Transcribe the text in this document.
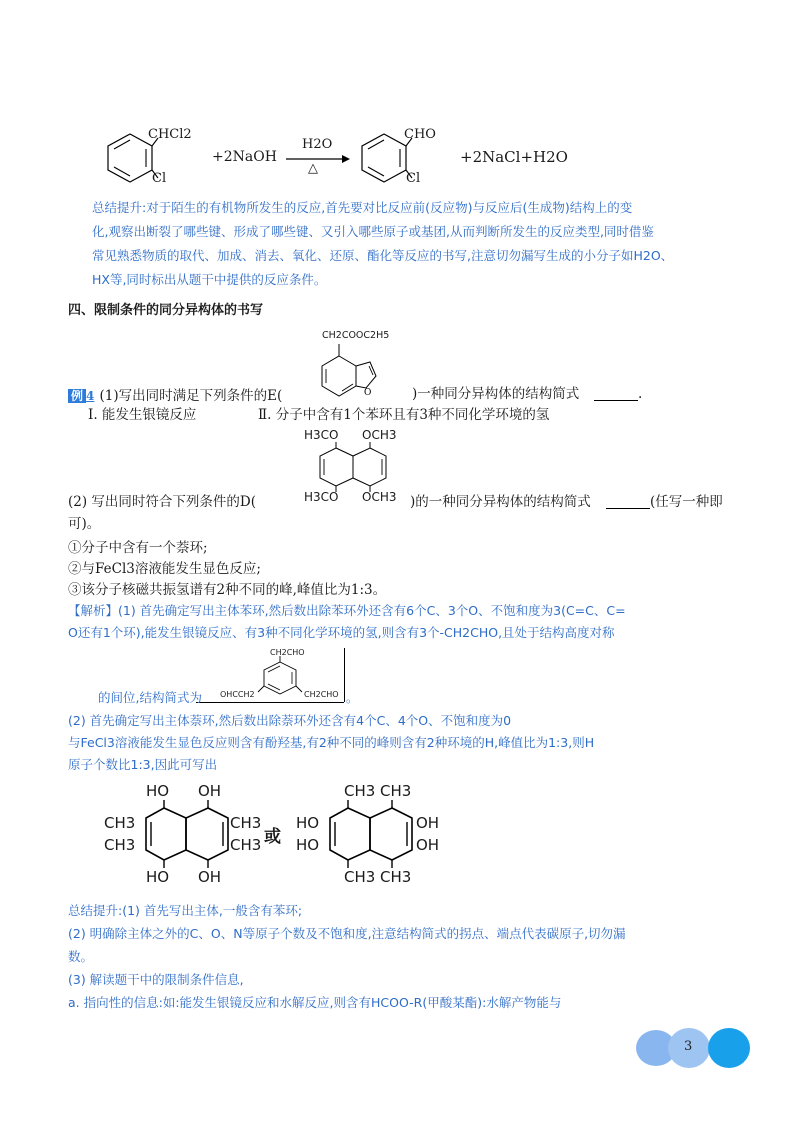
CHCl2
Cl
+2NaOH
H2O
△
CHO
Cl
+2NaCl+H2O
总结提升:对于陌生的有机物所发生的反应,首先要对比反应前(反应物)与反应后(生成物)结构上的变
化,观察出断裂了哪些键、形成了哪些键、又引入哪些原子或基团,从而判断所发生的反应类型,同时借鉴
常见熟悉物质的取代、加成、消去、氧化、还原、酯化等反应的书写,注意切勿漏写生成的小分子如H2O、
HX等,同时标出从题干中提供的反应条件。
四、限制条件的同分异构体的书写
CH2COOC2H5
O
例 4 (1)写出同时满足下列条件的E(	)一种同分异构体的结构简式	.
Ⅰ. 能发生银镜反应	Ⅱ. 分子中含有1个苯环且有3种不同化学环境的氢
H3CO OCH3
H3CO OCH3
(2) 写出同时符合下列条件的D(	)的一种同分异构体的结构简式	(任写一种即
可)。
①分子中含有一个萘环;
②与FeCl3溶液能发生显色反应;
③该分子核磁共振氢谱有2种不同的峰,峰值比为1:3。
【解析】(1) 首先确定写出主体苯环,然后数出除苯环外还含有6个C、3个O、不饱和度为3(C=C、C=
O还有1个环),能发生银镜反应、有3种不同化学环境的氢,则含有3个-CH2CHO,且处于结构高度对称
CH2CHO
OHCCH2	CH2CHO
的间位,结构简式为	。
(2) 首先确定写出主体萘环,然后数出除萘环外还含有4个C、4个O、不饱和度为0
与FeCl3溶液能发生显色反应则含有酚羟基,有2种不同的峰则含有2种环境的H,峰值比为1:3,则H
原子个数比1:3,因此可写出
HO OH
CH3
CH3
CH3
CH3
HO OH
或
CH3 CH3
HO
HO
OH
OH
CH3 CH3
总结提升:(1) 首先写出主体,一般含有苯环;
(2) 明确除主体之外的C、O、N等原子个数及不饱和度,注意结构简式的拐点、端点代表碳原子,切勿漏
数。
(3) 解读题干中的限制条件信息,
a. 指向性的信息:如:能发生银镜反应和水解反应,则含有HCOO-R(甲酸某酯):水解产物能与
3
